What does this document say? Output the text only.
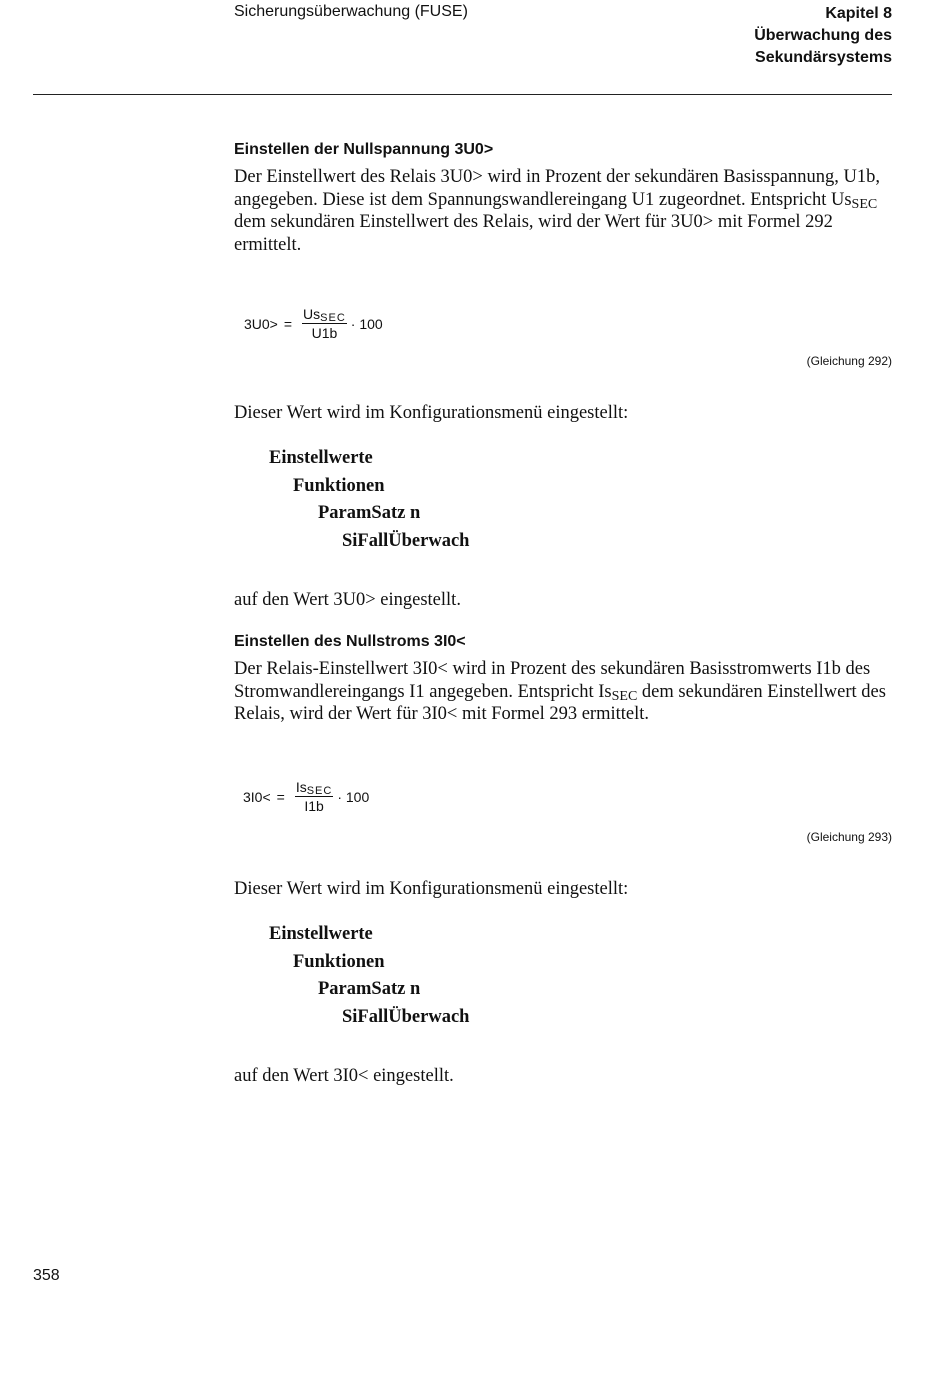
Sicherungsüberwachung (FUSE)	Kapitel 8
Überwachung des
Sekundärsystems
Einstellen der Nullspannung 3U0>
Der Einstellwert des Relais 3U0> wird in Prozent der sekundären Basisspannung, U1b, angegeben. Diese ist dem Spannungswandlereingang U1 zugeordnet. Entspricht $Us_{SEC}$ dem sekundären Einstellwert des Relais, wird der Wert für 3U0> mit Formel 292 ermittelt.
$3U0> = \frac{Us_{SEC}}{U1b} \cdot 100$
(Gleichung 292)
Dieser Wert wird im Konfigurationsmenü eingestellt:
Einstellwerte
Funktionen
ParamSatz n
SiFallÜberwach
auf den Wert 3U0> eingestellt.
Einstellen des Nullstroms 3I0<
Der Relais-Einstellwert 3I0< wird in Prozent des sekundären Basisstromwerts I1b des Stromwandlereingangs I1 angegeben. Entspricht $Is_{SEC}$ dem sekundären Einstellwert des Relais, wird der Wert für 3I0< mit Formel 293 ermittelt.
$3I0< = \frac{Is_{SEC}}{I1b} \cdot 100$
(Gleichung 293)
Dieser Wert wird im Konfigurationsmenü eingestellt:
Einstellwerte
Funktionen
ParamSatz n
SiFallÜberwach
auf den Wert 3I0< eingestellt.
358
